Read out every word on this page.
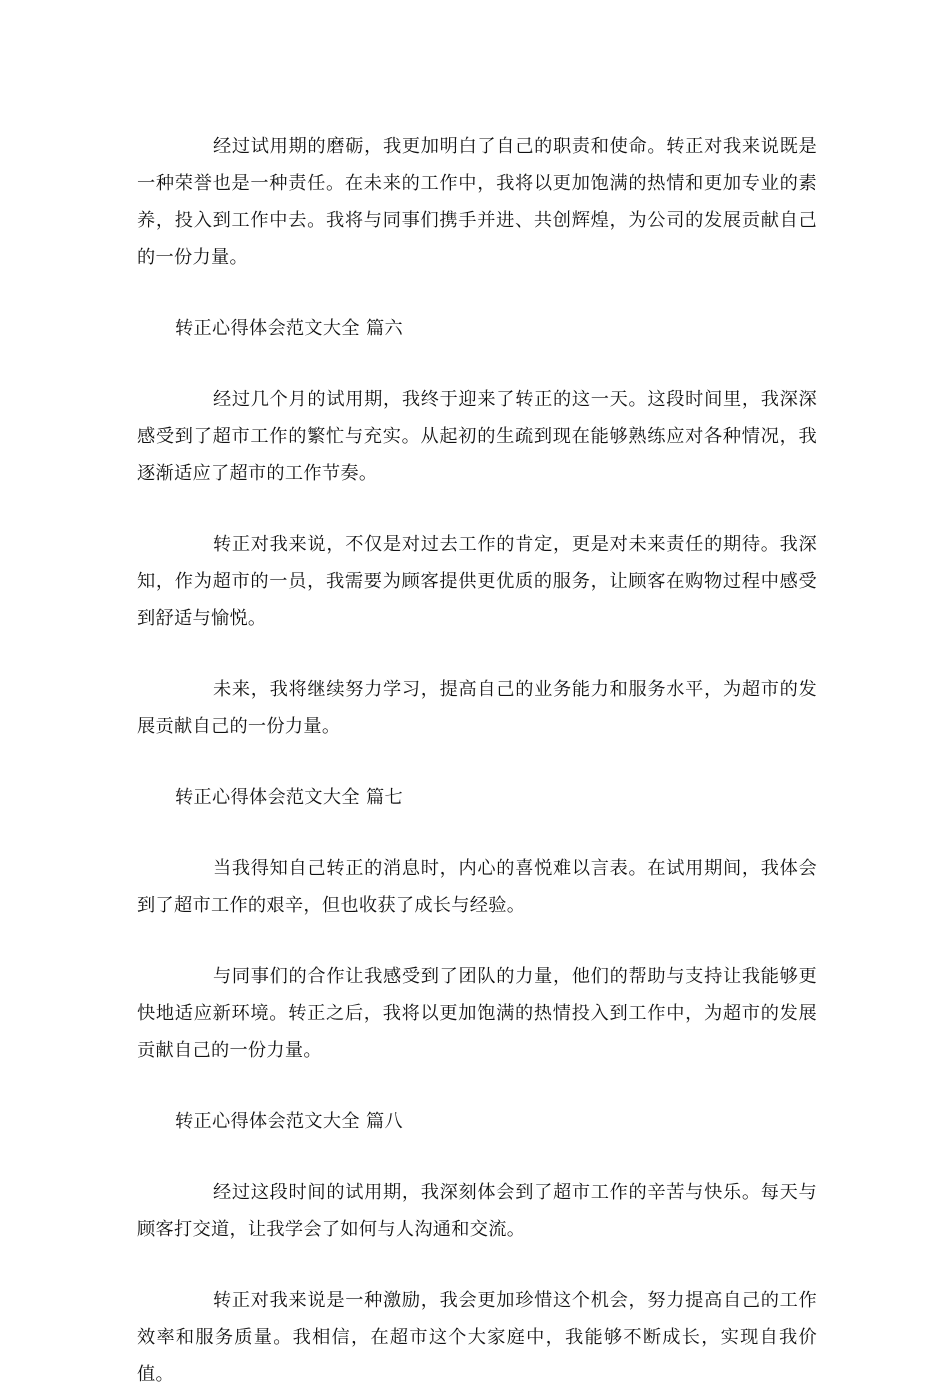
经过试用期的磨砺，我更加明白了自己的职责和使命。转正对我来说既是一种荣誉也是一种责任。在未来的工作中，我将以更加饱满的热情和更加专业的素养，投入到工作中去。我将与同事们携手并进、共创辉煌，为公司的发展贡献自己的一份力量。

转正心得体会范文大全 篇六

经过几个月的试用期，我终于迎来了转正的这一天。这段时间里，我深深感受到了超市工作的繁忙与充实。从起初的生疏到现在能够熟练应对各种情况，我逐渐适应了超市的工作节奏。

转正对我来说，不仅是对过去工作的肯定，更是对未来责任的期待。我深知，作为超市的一员，我需要为顾客提供更优质的服务，让顾客在购物过程中感受到舒适与愉悦。

未来，我将继续努力学习，提高自己的业务能力和服务水平，为超市的发展贡献自己的一份力量。

转正心得体会范文大全 篇七

当我得知自己转正的消息时，内心的喜悦难以言表。在试用期间，我体会到了超市工作的艰辛，但也收获了成长与经验。

与同事们的合作让我感受到了团队的力量，他们的帮助与支持让我能够更快地适应新环境。转正之后，我将以更加饱满的热情投入到工作中，为超市的发展贡献自己的一份力量。

转正心得体会范文大全 篇八

经过这段时间的试用期，我深刻体会到了超市工作的辛苦与快乐。每天与顾客打交道，让我学会了如何与人沟通和交流。

转正对我来说是一种激励，我会更加珍惜这个机会，努力提高自己的工作效率和服务质量。我相信，在超市这个大家庭中，我能够不断成长，实现自我价值。
